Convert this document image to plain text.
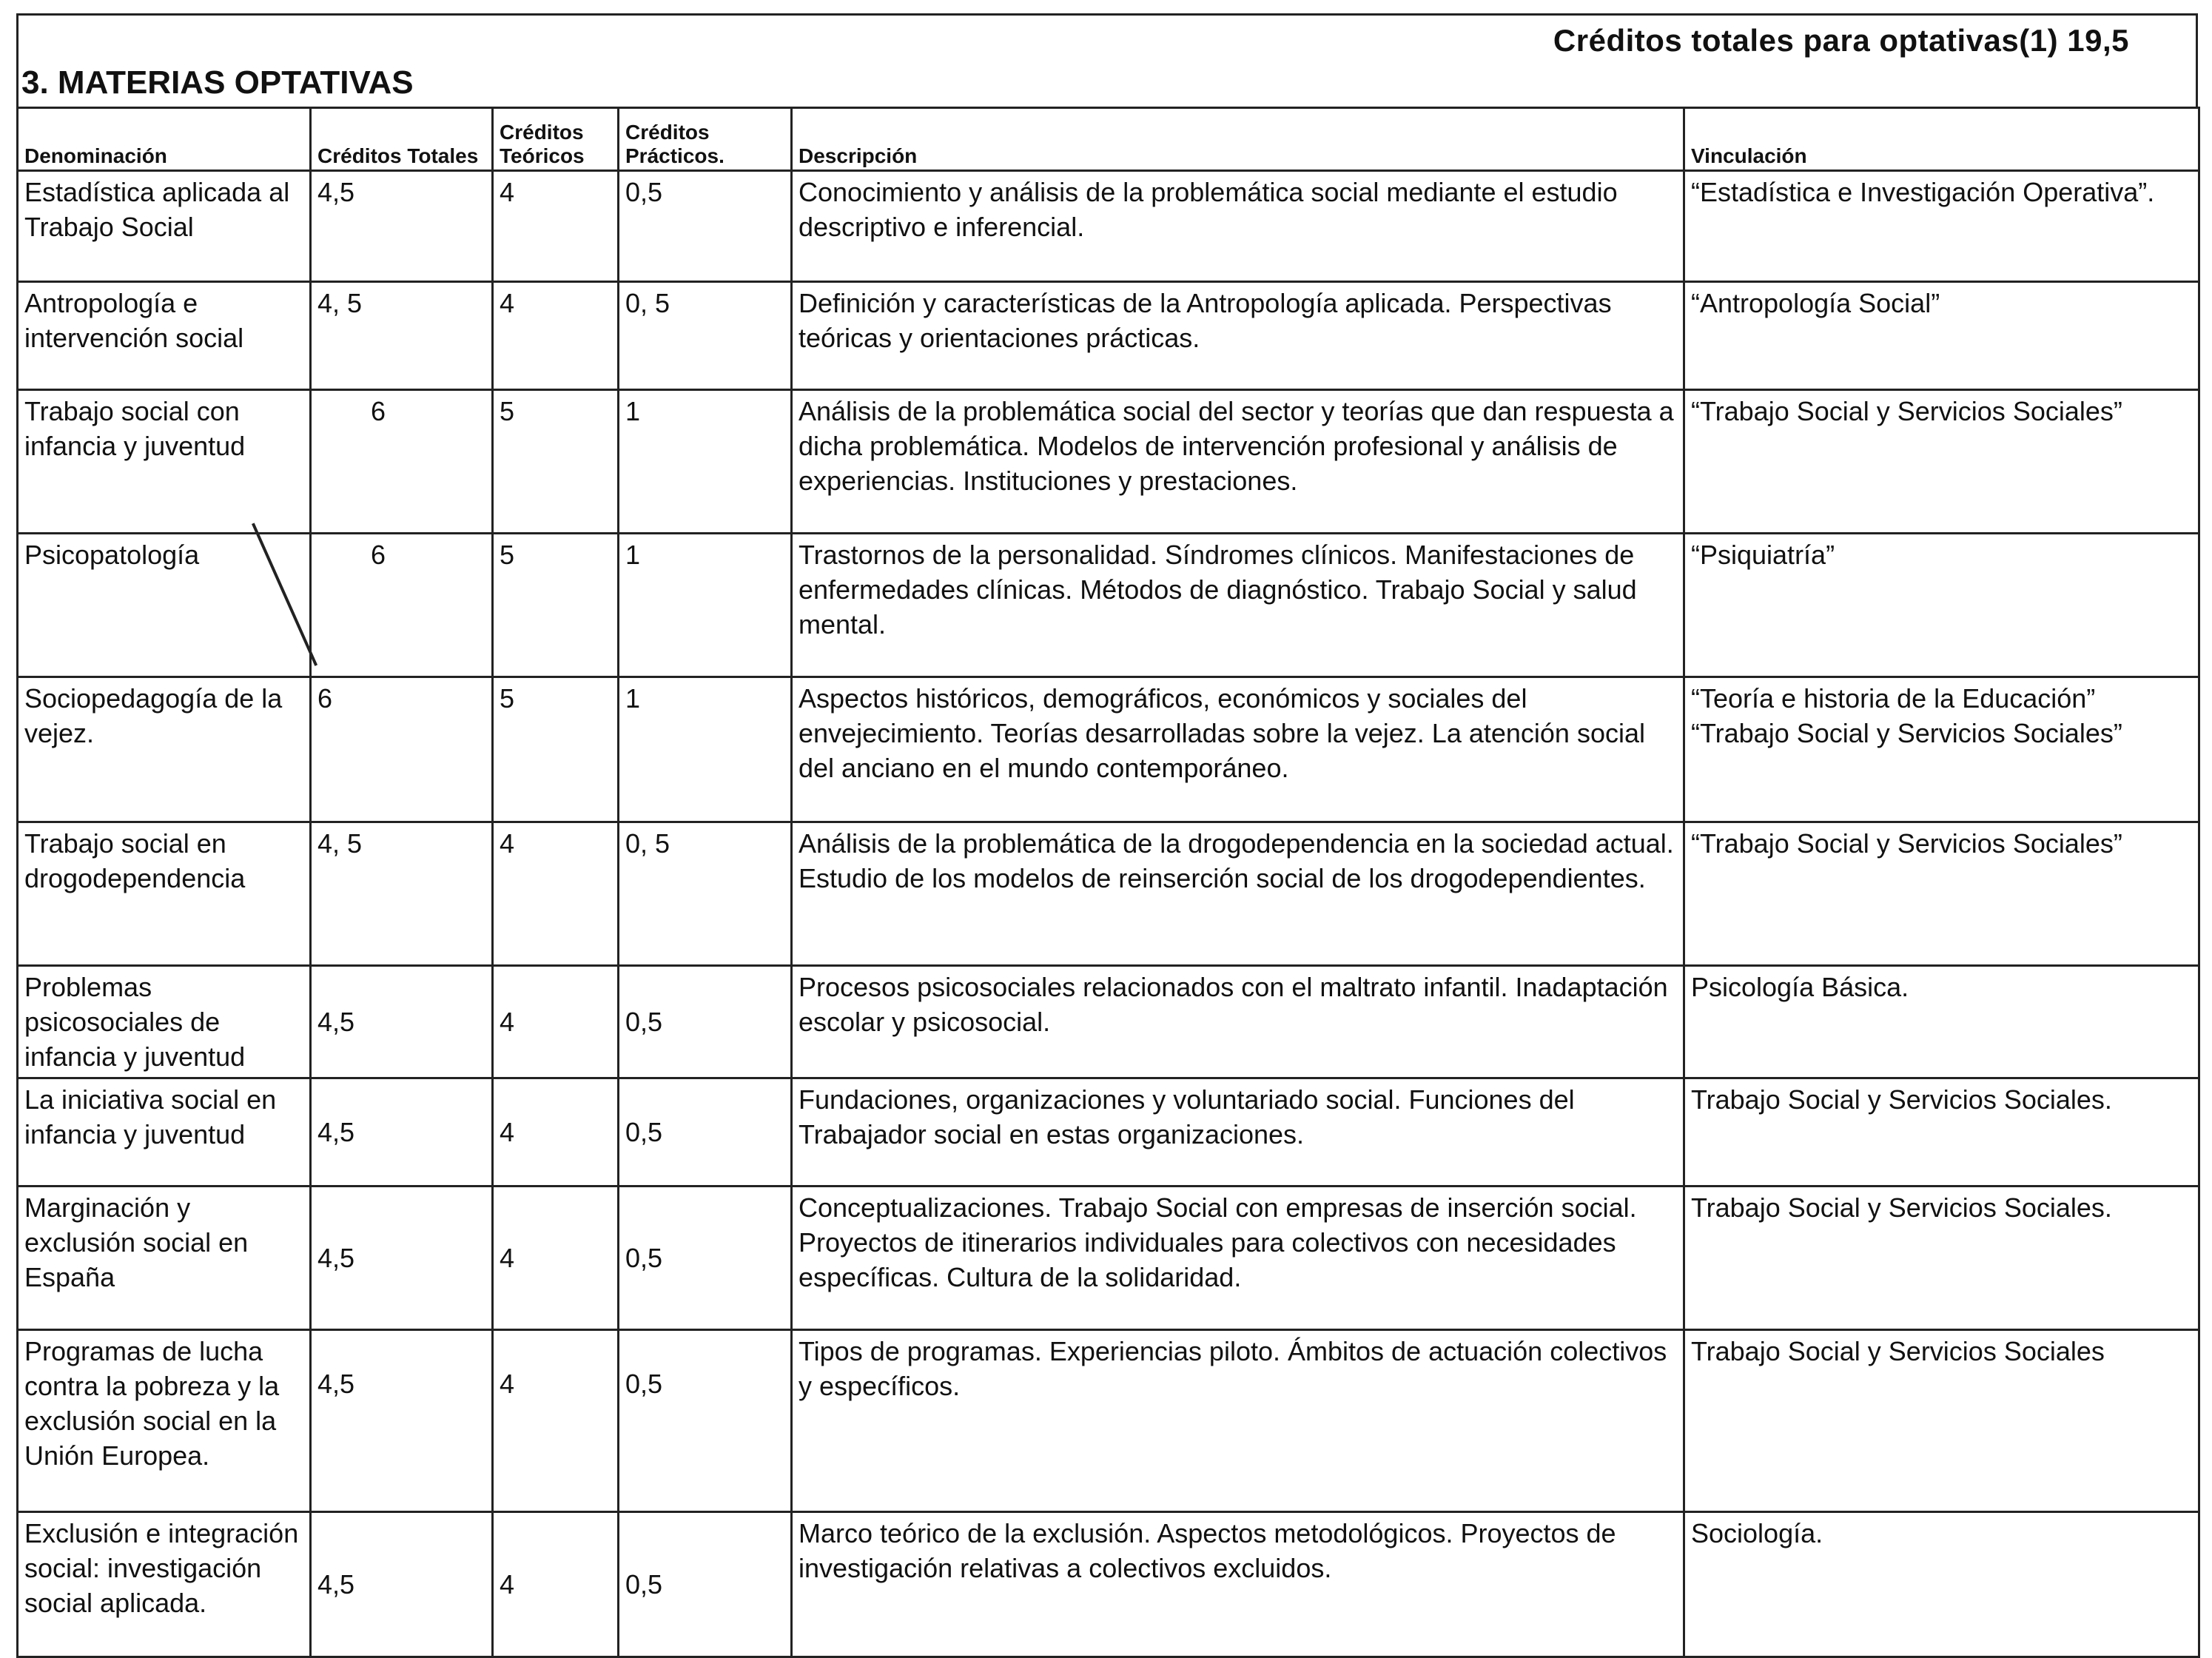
Créditos totales para optativas(1) 19,5
3. MATERIAS OPTATIVAS
Denominación	Créditos Totales	Créditos Teóricos	Créditos Prácticos.	Descripción	Vinculación
Estadística aplicada al Trabajo Social	4,5	4	0,5	Conocimiento y análisis de la problemática social mediante el estudio descriptivo e inferencial.	“Estadística e Investigación Operativa”.
Antropología e intervención social	4, 5	4	0, 5	Definición y características de la Antropología aplicada. Perspectivas teóricas y orientaciones prácticas.	“Antropología Social”
Trabajo social con infancia y juventud	6	5	1	Análisis de la problemática social del sector y teorías que dan respuesta a dicha problemática. Modelos de intervención profesional y análisis de experiencias. Instituciones y prestaciones.	“Trabajo Social y Servicios Sociales”
Psicopatología	6	5	1	Trastornos de la personalidad. Síndromes clínicos. Manifestaciones de enfermedades clínicas. Métodos de diagnóstico. Trabajo Social y salud mental.	“Psiquiatría”
Sociopedagogía de la vejez.	6	5	1	Aspectos históricos, demográficos, económicos y sociales del envejecimiento. Teorías desarrolladas sobre la vejez. La atención social del anciano en el mundo contemporáneo.	“Teoría e historia de la Educación” “Trabajo Social y Servicios Sociales”
Trabajo social en drogodependencia	4, 5	4	0, 5	Análisis de la problemática de la drogodependencia en la sociedad actual. Estudio de los modelos de reinserción social de los drogodependientes.	“Trabajo Social y Servicios Sociales”
Problemas psicosociales de infancia y juventud	4,5	4	0,5	Procesos psicosociales relacionados con el maltrato infantil. Inadaptación escolar y psicosocial.	Psicología Básica.
La iniciativa social en infancia y juventud	4,5	4	0,5	Fundaciones, organizaciones y voluntariado social. Funciones del Trabajador social en estas organizaciones.	Trabajo Social y Servicios Sociales.
Marginación y exclusión social en España	4,5	4	0,5	Conceptualizaciones. Trabajo Social con empresas de inserción social. Proyectos de itinerarios individuales para colectivos con necesidades específicas. Cultura de la solidaridad.	Trabajo Social y Servicios Sociales.
Programas de lucha contra la pobreza y la exclusión social en la Unión Europea.	4,5	4	0,5	Tipos de programas. Experiencias piloto. Ámbitos de actuación colectivos y específicos.	Trabajo Social y Servicios Sociales
Exclusión e integración social: investigación social aplicada.	4,5	4	0,5	Marco teórico de la exclusión. Aspectos metodológicos. Proyectos de investigación relativas a colectivos excluidos.	Sociología.
